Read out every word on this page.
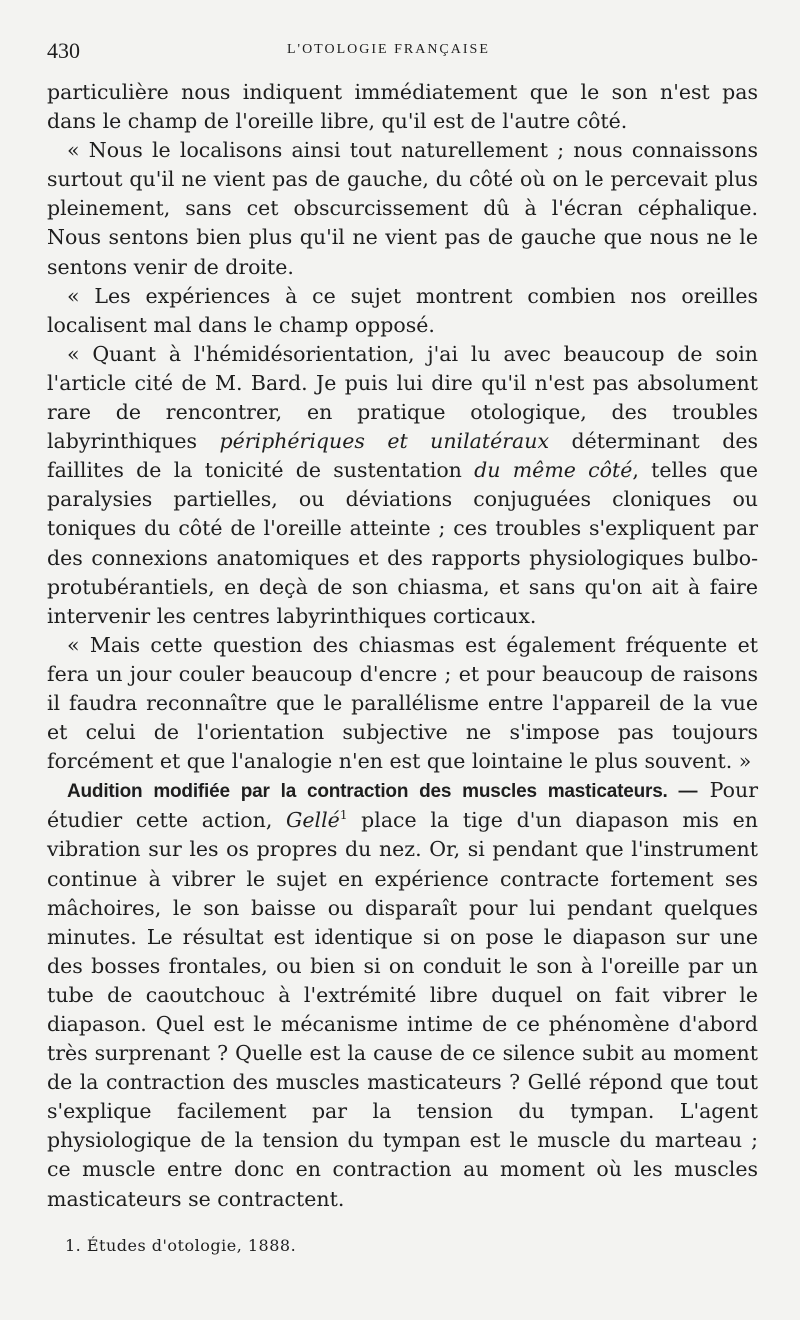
430	L'OTOLOGIE FRANÇAISE

particulière nous indiquent immédiatement que le son n'est pas dans le champ de l'oreille libre, qu'il est de l'autre côté.

« Nous le localisons ainsi tout naturellement ; nous connaissons surtout qu'il ne vient pas de gauche, du côté où on le percevait plus pleinement, sans cet obscurcissement dû à l'écran céphalique. Nous sentons bien plus qu'il ne vient pas de gauche que nous ne le sentons venir de droite.

« Les expériences à ce sujet montrent combien nos oreilles localisent mal dans le champ opposé.

« Quant à l'hémidésorientation, j'ai lu avec beaucoup de soin l'article cité de M. Bard. Je puis lui dire qu'il n'est pas absolument rare de rencontrer, en pratique otologique, des troubles labyrinthiques périphériques et unilatéraux déterminant des faillites de la tonicité de sustentation du même côté, telles que paralysies partielles, ou déviations conjuguées cloniques ou toniques du côté de l'oreille atteinte ; ces troubles s'expliquent par des connexions anatomiques et des rapports physiologiques bulbo-protubérantiels, en deçà de son chiasma, et sans qu'on ait à faire intervenir les centres labyrinthiques corticaux.

« Mais cette question des chiasmas est également fréquente et fera un jour couler beaucoup d'encre ; et pour beaucoup de raisons il faudra reconnaître que le parallélisme entre l'appareil de la vue et celui de l'orientation subjective ne s'impose pas toujours forcément et que l'analogie n'en est que lointaine le plus souvent. »

Audition modifiée par la contraction des muscles masticateurs. — Pour étudier cette action, Gellé$^1$ place la tige d'un diapason mis en vibration sur les os propres du nez. Or, si pendant que l'instrument continue à vibrer le sujet en expérience contracte fortement ses mâchoires, le son baisse ou disparaît pour lui pendant quelques minutes. Le résultat est identique si on pose le diapason sur une des bosses frontales, ou bien si on conduit le son à l'oreille par un tube de caoutchouc à l'extrémité libre duquel on fait vibrer le diapason. Quel est le mécanisme intime de ce phénomène d'abord très surprenant ? Quelle est la cause de ce silence subit au moment de la contraction des muscles masticateurs ? Gellé répond que tout s'explique facilement par la tension du tympan. L'agent physiologique de la tension du tympan est le muscle du marteau ; ce muscle entre donc en contraction au moment où les muscles masticateurs se contractent.

1. Études d'otologie, 1888.
